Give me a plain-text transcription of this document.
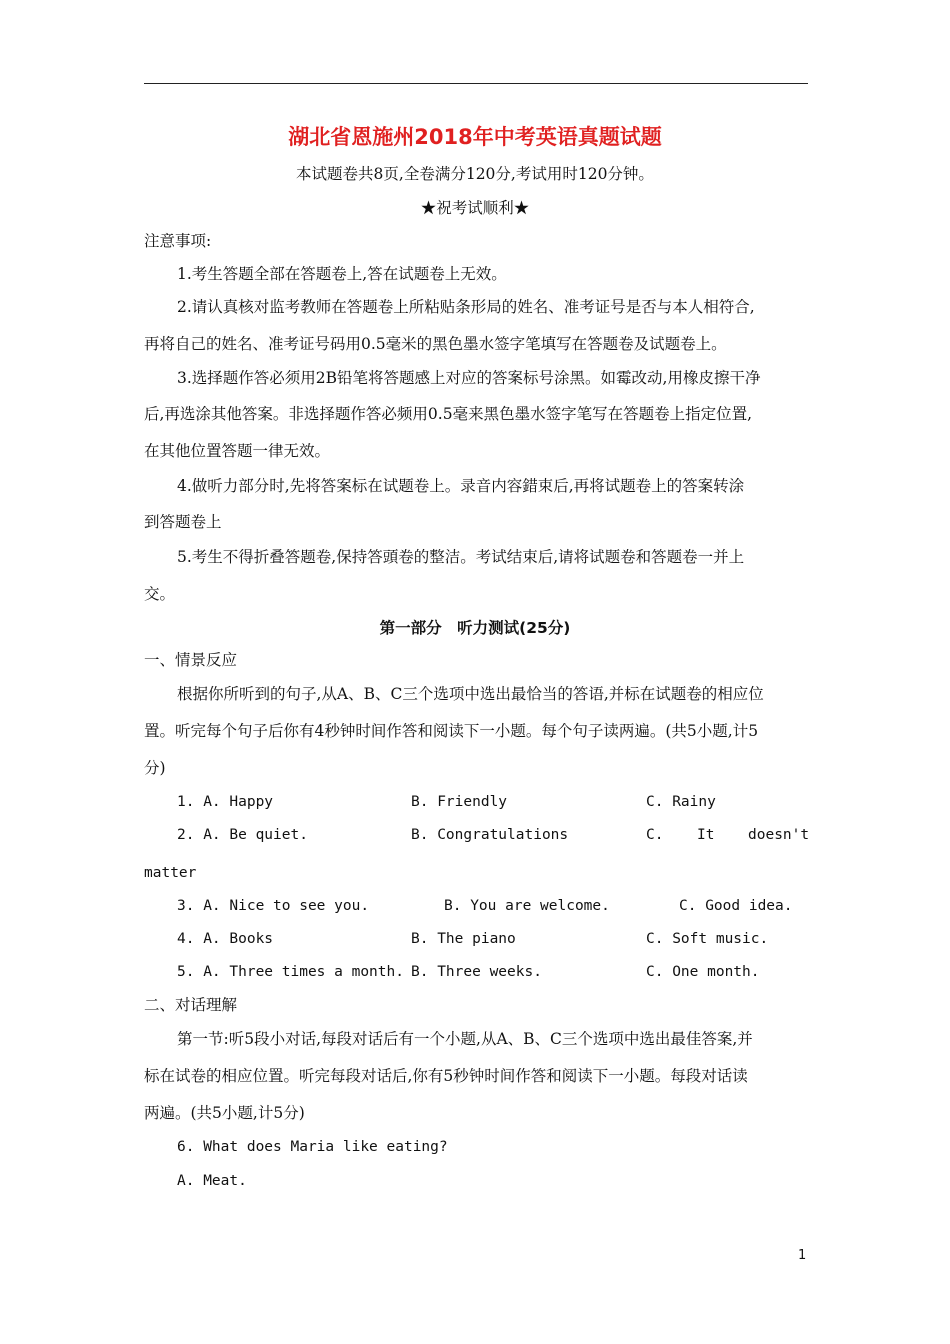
湖北省恩施州2018年中考英语真题试题
本试题卷共8页,全卷满分120分,考试用时120分钟。
★祝考试顺利★
注意事项:
1.考生答题全部在答题卷上,答在试题卷上无效。
2.请认真核对监考教师在答题卷上所粘贴条形局的姓名、准考证号是否与本人相符合,
再将自己的姓名、准考证号码用0.5毫米的黑色墨水签字笔填写在答题卷及试题卷上。
3.选择题作答必须用2B铅笔将答题感上对应的答案标号涂黑。如霉改动,用橡皮擦干净
后,再选涂其他答案。非选择题作答必频用0.5毫来黑色墨水签字笔写在答题卷上指定位置,
在其他位置答题一律无效。
4.做听力部分时,先将答案标在试题卷上。录音内容錯束后,再将试题卷上的答案转涂
到答题卷上
5.考生不得折叠答题卷,保持答頭卷的整洁。考试结束后,请将试题卷和答题卷一并上
交。
第一部分　听力测试(25分)
一、情景反应
根据你所听到的句子,从A、B、C三个选项中选出最恰当的答语,并标在试题卷的相应位
置。听完每个句子后你有4秒钟时间作答和阅读下一小题。每个句子读两遍。(共5小题,计5
分)
1. A. Happy	B. Friendly	C. Rainy
2. A. Be quiet.	B. Congratulations	C. It doesn't
matter
3. A. Nice to see you.	B. You are welcome.	C. Good idea.
4. A. Books	B. The piano	C. Soft music.
5. A. Three times a month. B. Three weeks.	C. One month.
二、对话理解
第一节:听5段小对话,每段对话后有一个小题,从A、B、C三个选项中选出最佳答案,并
标在试卷的相应位置。听完每段对话后,你有5秒钟时间作答和阅读下一小题。每段对话读
两遍。(共5小题,计5分)
6. What does Maria like eating?
A. Meat.
1
